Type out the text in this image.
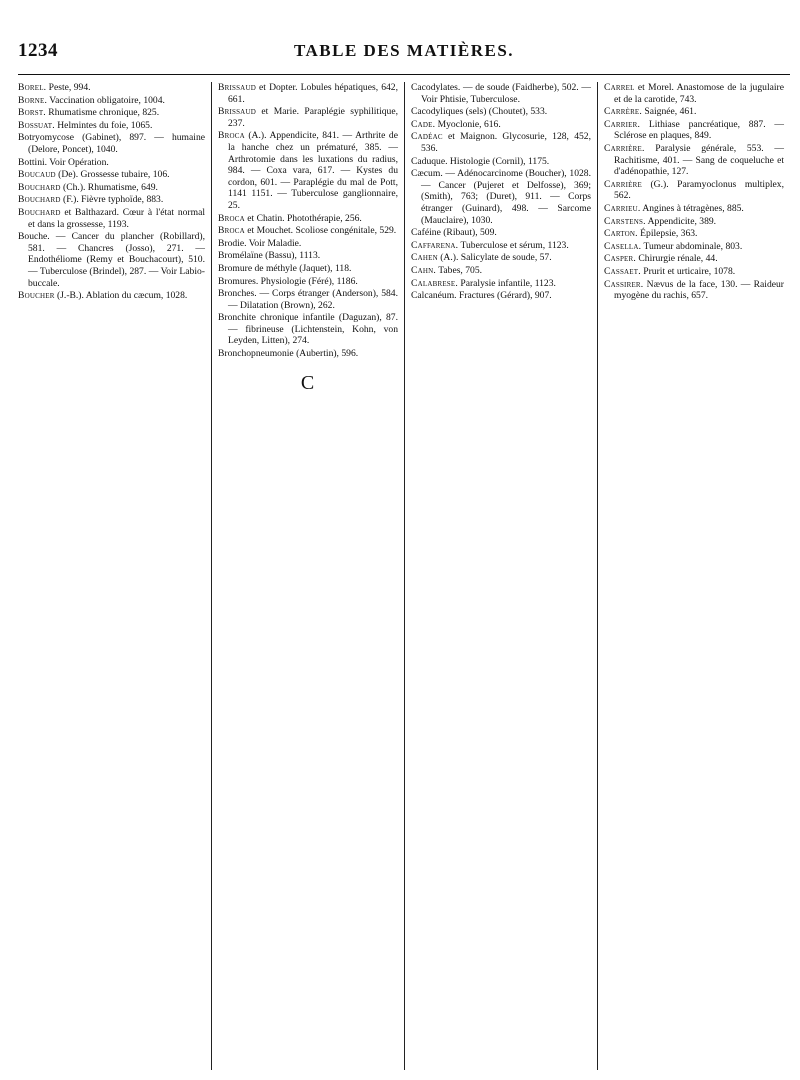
1234	TABLE DES MATIÈRES.
Borel. Peste, 994.
Borne. Vaccination obligatoire, 1004.
Borst. Rhumatisme chronique, 825.
Bossuat. Helmintes du foie, 1065.
Botryomycose (Gabinet), 897. — humaine (Delore, Poncet), 1040.
Bottini. Voir Opération.
Boucaud (De). Grossesse tubaire, 106.
Bouchard (Ch.). Rhumatisme, 649.
Bouchard (F.). Fièvre typhoïde, 883.
Bouchard et Balthazard. Cœur à l'état normal et dans la grossesse, 1193.
Bouche. — Cancer du plancher (Robillard), 581. — Chancres (Josso), 271. — Endothéliome (Remy et Bouchacourt), 510. — Tuberculose (Brindel), 287. — Voir Labio-buccale.
Boucher (J.-B.). Ablation du cæcum, 1028.
Brissaud et Dopter. Lobules hépatiques, 642, 661.
Brissaud et Marie. Paraplégie syphilitique, 237.
Broca (A.). Appendicite, 841. — Arthrite de la hanche chez un prématuré, 385. — Arthrotomie dans les luxations du radius, 984. — Coxa vara, 617. — Kystes du cordon, 601. — Paraplégie du mal de Pott, 1141 1151. — Tuberculose ganglionnaire, 25.
Broca et Chatin. Photothérapie, 256.
Broca et Mouchet. Scoliose congénitale, 529.
Brodie. Voir Maladie.
Bromélaïne (Bassu), 1113.
Bromure de méthyle (Jaquet), 118.
Bromures. Physiologie (Féré), 1186.
Bronches. — Corps étranger (Anderson), 584. — Dilatation (Brown), 262.
Bronchite chronique infantile (Daguzan), 87. — fibrineuse (Lichtenstein, Kohn, von Leyden, Litten), 274.
Bronchopneumonie (Aubertin), 596.
C
Cacodylates. — de soude (Faidherbe), 502. — Voir Phtisie, Tuberculose.
Cacodyliques (sels) (Choutet), 533.
Cade. Myoclonie, 616.
Cadéac et Maignon. Glycosurie, 128, 452, 536.
Caduque. Histologie (Cornil), 1175.
Cæcum. — Adénocarcinome (Boucher), 1028. — Cancer (Pujeret et Delfosse), 369; (Smith), 763; (Duret), 911. — Corps étranger (Guinard), 498. — Sarcome (Mauclaire), 1030.
Caféine (Ribaut), 509.
Caffarena. Tuberculose et sérum, 1123.
Cahen (A.). Salicylate de soude, 57.
Cahn. Tabes, 705.
Calabrese. Paralysie infantile, 1123.
Calcanéum. Fractures (Gérard), 907.
Carrel et Morel. Anastomose de la jugulaire et de la carotide, 743.
Carrère. Saignée, 461.
Carrier. Lithiase pancréatique, 887. — Sclérose en plaques, 849.
Carrière. Paralysie générale, 553. — Rachitisme, 401. — Sang de coqueluche et d'adénopathie, 127.
Carrière (G.). Paramyoclonus multiplex, 562.
Carrieu. Angines à tétragènes, 885.
Carstens. Appendicite, 389.
Carton. Épilepsie, 363.
Casella. Tumeur abdominale, 803.
Casper. Chirurgie rénale, 44.
Cassaet. Prurit et urticaire, 1078.
Cassirer. Nævus de la face, 130. — Raideur myogène du rachis, 657.
